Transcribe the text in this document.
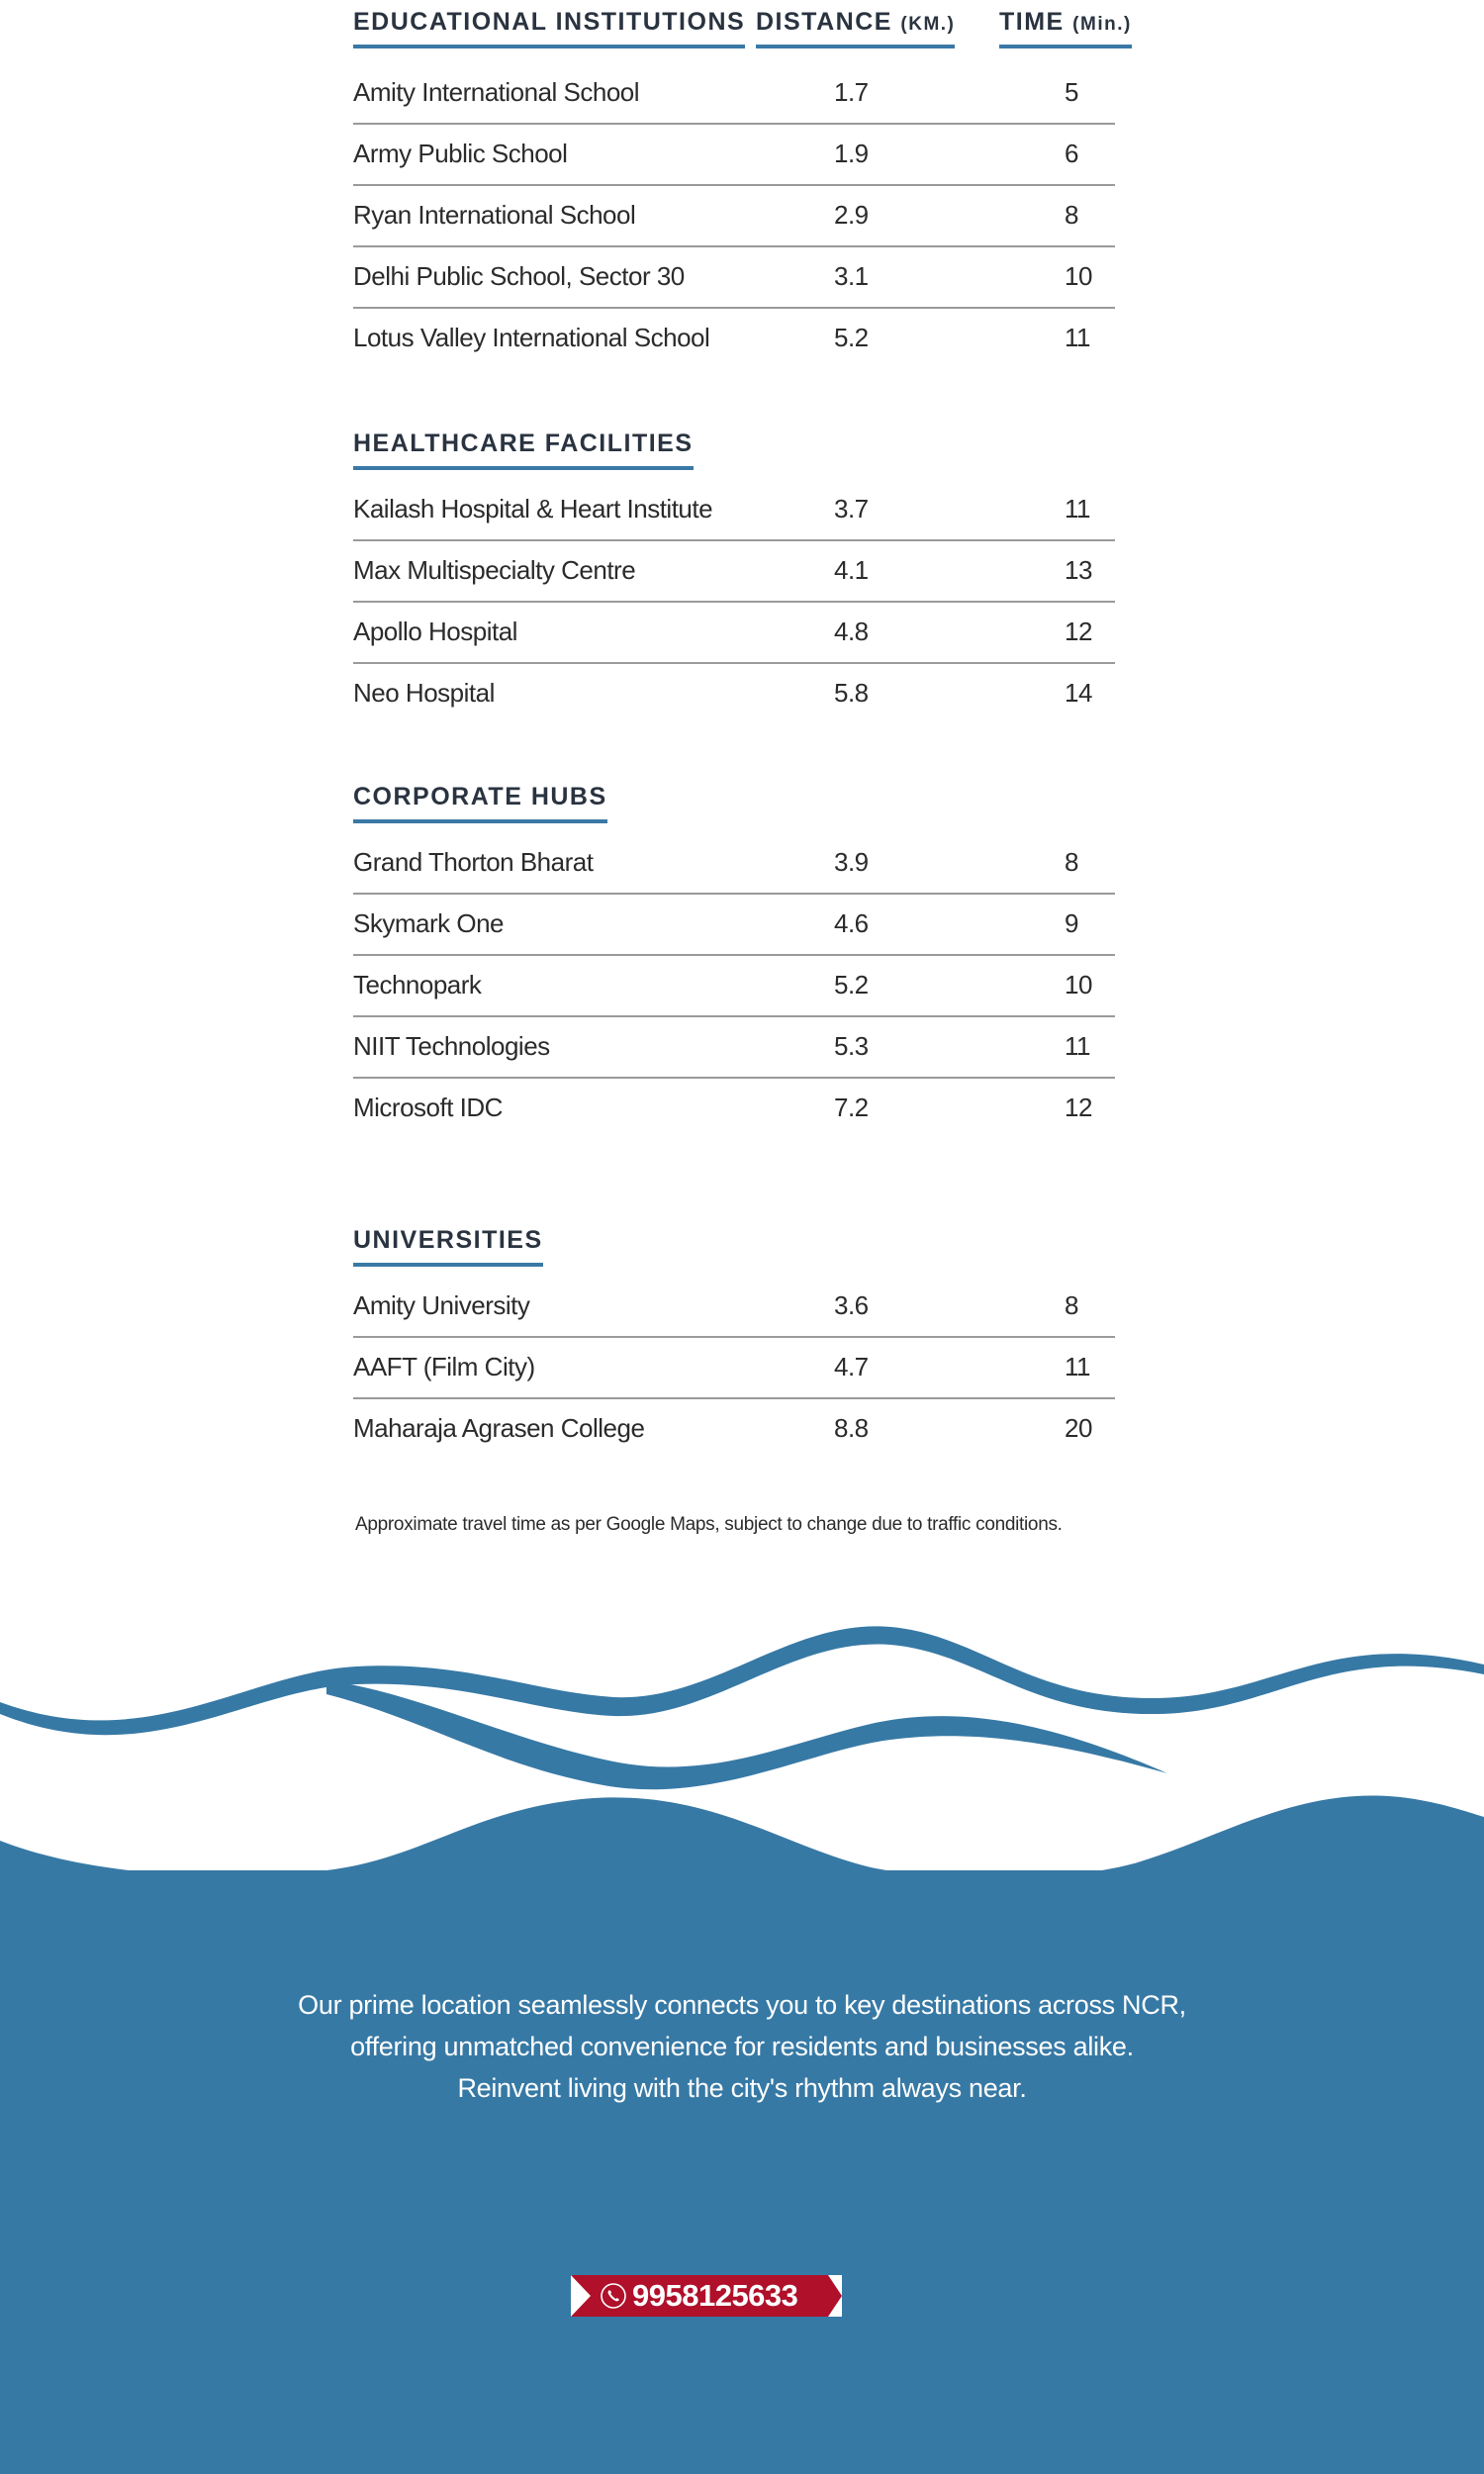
EDUCATIONAL INSTITUTIONS DISTANCE (KM.) TIME (Min.)
Amity International School	1.7	5
Army Public School	1.9	6
Ryan International School	2.9	8
Delhi Public School, Sector 30	3.1	10
Lotus Valley International School	5.2	11
HEALTHCARE FACILITIES
Kailash Hospital & Heart Institute	3.7	11
Max Multispecialty Centre	4.1	13
Apollo Hospital	4.8	12
Neo Hospital	5.8	14
CORPORATE HUBS
Grand Thorton Bharat	3.9	8
Skymark One	4.6	9
Technopark	5.2	10
NIIT Technologies	5.3	11
Microsoft IDC	7.2	12
UNIVERSITIES
Amity University	3.6	8
AAFT (Film City)	4.7	11
Maharaja Agrasen College	8.8	20
Approximate travel time as per Google Maps, subject to change due to traffic conditions.
Our prime location seamlessly connects you to key destinations across NCR, offering unmatched convenience for residents and businesses alike. Reinvent living with the city's rhythm always near.
9958125633
